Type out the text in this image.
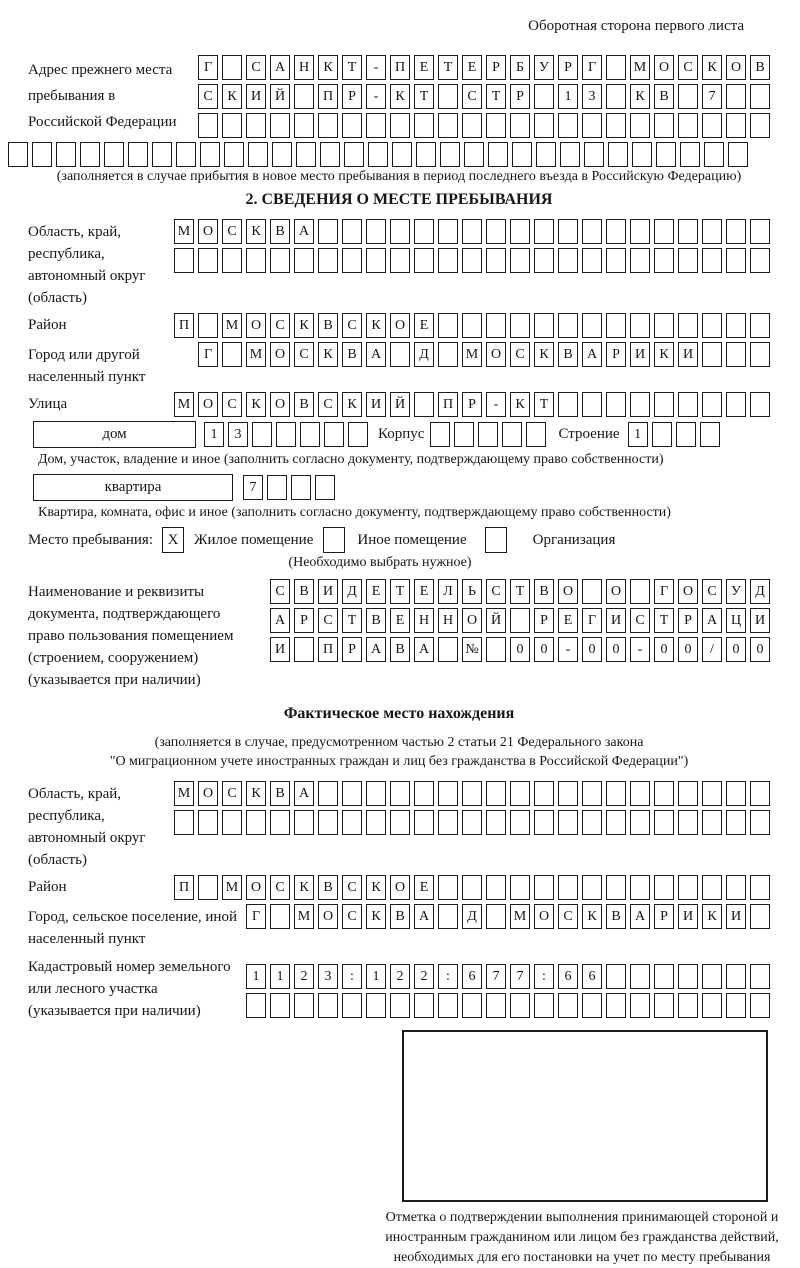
Оборотная сторона первого листа
Адрес прежнего места пребывания в Российской Федерации
Г	С	А Н	К	Т	-	П	Е	Т	Е	Р	Б	У	Р	Г	М О	С	К	О	В
С	К	И Й	П	Р	-	К	Т	С	Т	Р	1	3	К	В	7
(заполняется в случае прибытия в новое место пребывания в период последнего въезда в Российскую Федерацию)
2. СВЕДЕНИЯ О МЕСТЕ ПРЕБЫВАНИЯ
Область, край, республика, автономный округ (область)
М О	С	К	В	А
Район	П	М О	С	К	В	С	К	О	Е
Город или другой населенный пункт
Г	М О	С	К	В	А	Д	М О	С	К	В	А	Р	И	К	И
Улица	М О	С	К	О	В	С	К	И Й	П	Р	-	К	Т
дом	1	3	Корпус	Строение	1
Дом, участок, владение и иное (заполнить согласно документу, подтверждающему право собственности)
квартира	7
Квартира, комната, офис и иное (заполнить согласно документу, подтверждающему право собственности)
Место пребывания: X	Жилое помещение	Иное помещение	Организация
(Необходимо выбрать нужное)
Наименование и реквизиты документа, подтверждающего право пользования помещением (строением, сооружением) (указывается при наличии)
С	В	И	Д	Е	Т	Е	Л	Ь	С	Т	В	О	О	Г	О	С	У	Д
А	Р	С	Т	В	Е	Н Н О Й	Р	Е	Г	И	С	Т	Р	А Ц И
И	П	Р	А	В	А	№	0	0	-	0	0	-	0	0	/	0	0
Фактическое место нахождения
(заполняется в случае, предусмотренном частью 2 статьи 21 Федерального закона
"О миграционном учете иностранных граждан и лиц без гражданства в Российской Федерации")
Область, край, республика, автономный округ (область)
М О	С	К	В	А
Район	П	М О	С	К	В	С	К	О	Е
Город, сельское поселение, иной населенный пункт
Г	М О	С	К	В	А	Д	М О	С	К	В	А	Р	И	К	И
Кадастровый номер земельного или лесного участка (указывается при наличии)
1	1	2	3	:	1	2	2	:	6	7	7	:	6	6
Отметка о подтверждении выполнения принимающей стороной и иностранным гражданином или лицом без гражданства действий, необходимых для его постановки на учет по месту пребывания
